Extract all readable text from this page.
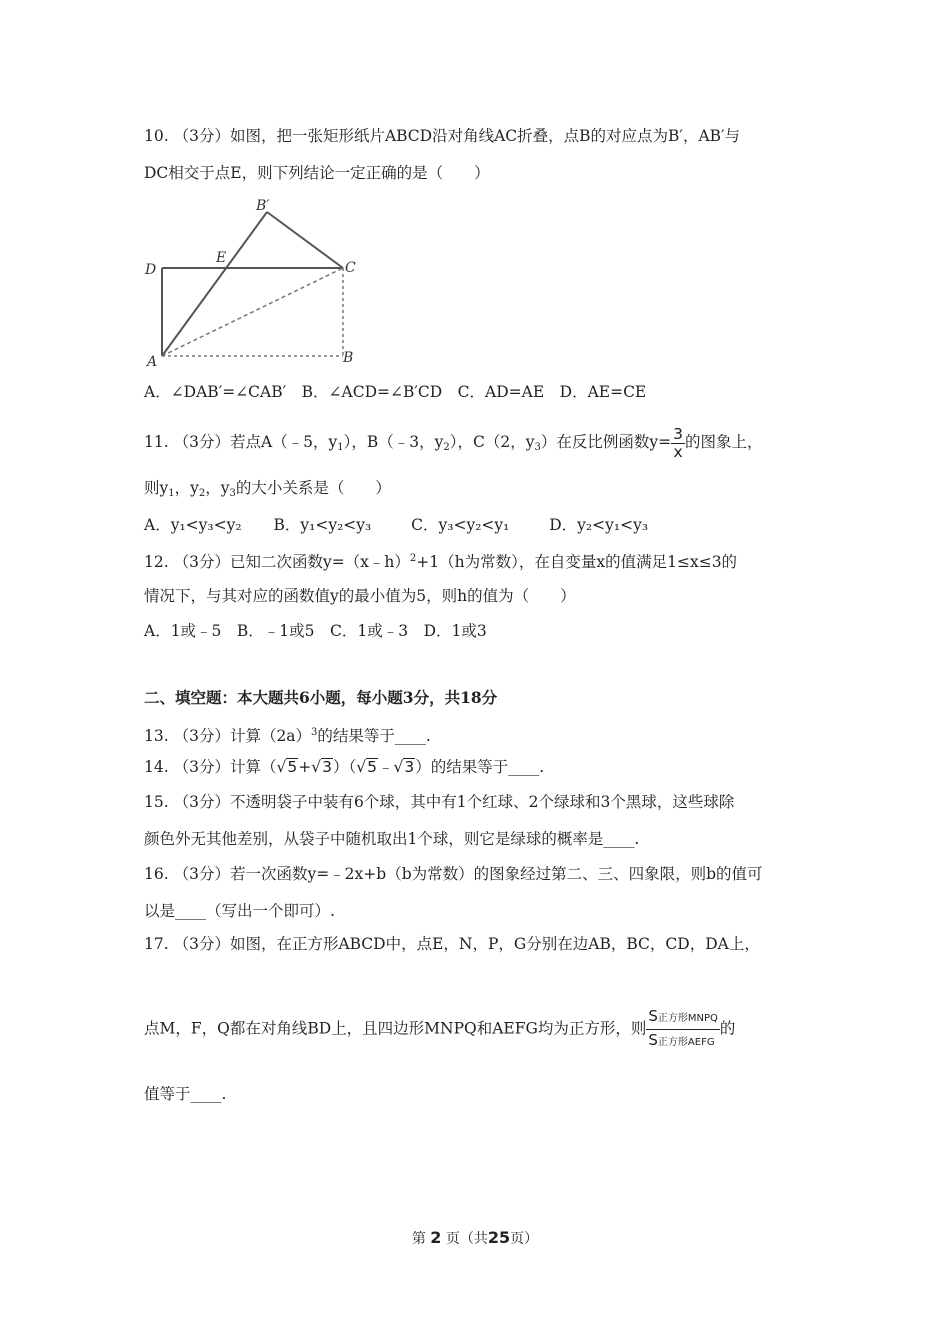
10. （3分）如图，把一张矩形纸片ABCD沿对角线AC折叠，点B的对应点为B′，AB′与
DC相交于点E，则下列结论一定正确的是（　　）
B′
D
E
C
A	B
A．∠DAB′=∠CAB′　B．∠ACD=∠B′CD　C．AD=AE　D．AE=CE
11. （3分）若点A（﹣5，$y_1$），B（﹣3，$y_2$），C（2，$y_3$）在反比例函数$y= \frac{3}{x}$ 的图象上，
则$y_1$，$y_2$，$y_3$的大小关系是（　　）
A．y₁<y₃<y₂ B．y₁<y₂<y₃	C．y₃<y₂<y₁	D．y₂<y₁<y₃
12. （3分）已知二次函数y=（x﹣h）$^2$+1（h为常数），在自变量x的值满足1≤x≤3的
情况下，与其对应的函数值y的最小值为5，则h的值为（　　）
A．1或﹣5　B．﹣1或5　C．1或﹣3　D．1或3
二、填空题：本大题共6小题，每小题3分，共18分
13. （3分）计算$(2a)^3$的结果等于____.
14. （3分）计算（√5+√3）（√5﹣√3）的结果等于____.
15. （3分）不透明袋子中装有6个球，其中有1个红球、2个绿球和3个黑球，这些球除
颜色外无其他差别，从袋子中随机取出1个球，则它是绿球的概率是____.
16. （3分）若一次函数y=﹣2x+b（b为常数）的图象经过第二、三、四象限，则b的值可
以是____（写出一个即可）.
17. （3分）如图，在正方形ABCD中，点E，N，P，G分别在边AB，BC，CD，DA上，
点M，F，Q都在对角线BD上，且四边形MNPQ和AEFG均为正方形，则 $\frac{\text{S正方形MNPQ}}{\text{S正方形AEFG}}$ 的
值等于____.
第 2 页（共25页）
